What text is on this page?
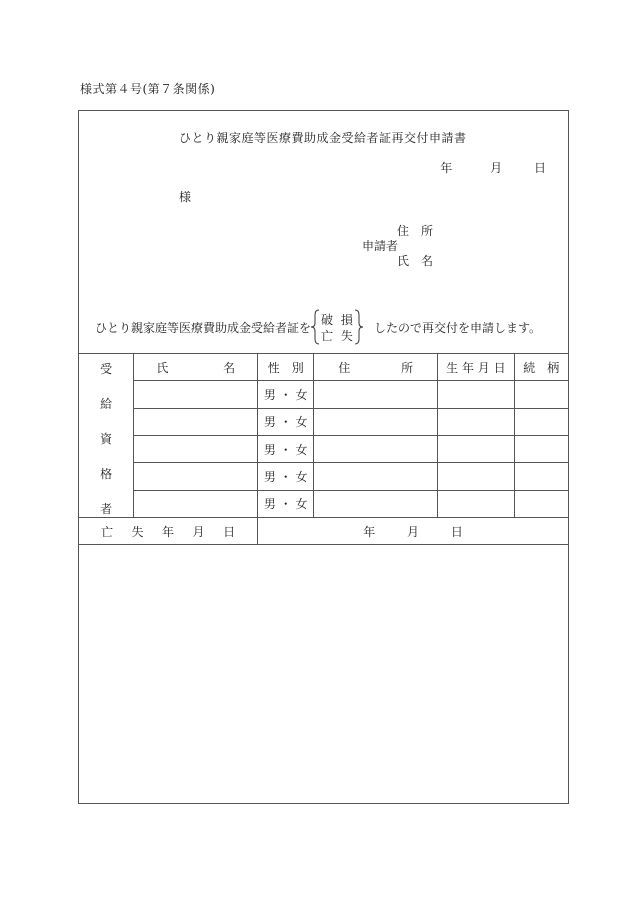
様式第４号(第７条関係)
ひとり親家庭等医療費助成金受給者証再交付申請書
年	月	日
様
住　所
申請者
氏　名
ひとり親家庭等医療費助成金受給者証を
破 損
亡 失
したので再交付を申請します。
受
給
資
格
者	氏 名	性　別	住 所	生 年 月 日	続　柄
		男 ・ 女			
		男 ・ 女			
		男 ・ 女			
		男 ・ 女			
		男 ・ 女			

亡 失 年 月 日		年 月 日			
